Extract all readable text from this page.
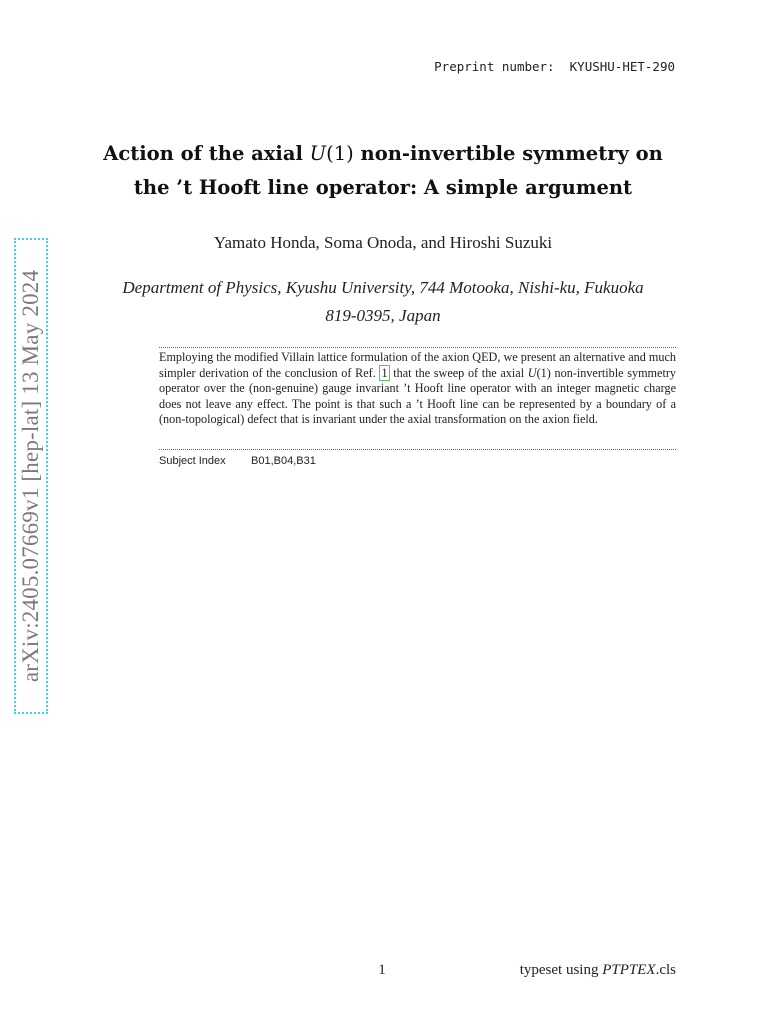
arXiv:2405.07669v1 [hep-lat] 13 May 2024
Preprint number: KYUSHU-HET-290
Action of the axial U(1) non-invertible symmetry on
the ’t Hooft line operator: A simple argument
Yamato Honda, Soma Onoda, and Hiroshi Suzuki
Department of Physics, Kyushu University, 744 Motooka, Nishi-ku, Fukuoka
819-0395, Japan
Employing the modified Villain lattice formulation of the axion QED, we present an alternative and much simpler derivation of the conclusion of Ref. 1 that the sweep of the axial U(1) non-invertible symmetry operator over the (non-genuine) gauge invariant ’t Hooft line operator with an integer magnetic charge does not leave any effect. The point is that such a ’t Hooft line can be represented by a boundary of a (non-topological) defect that is invariant under the axial transformation on the axion field.
Subject Index B01,B04,B31
1	typeset using PTPTEX.cls
